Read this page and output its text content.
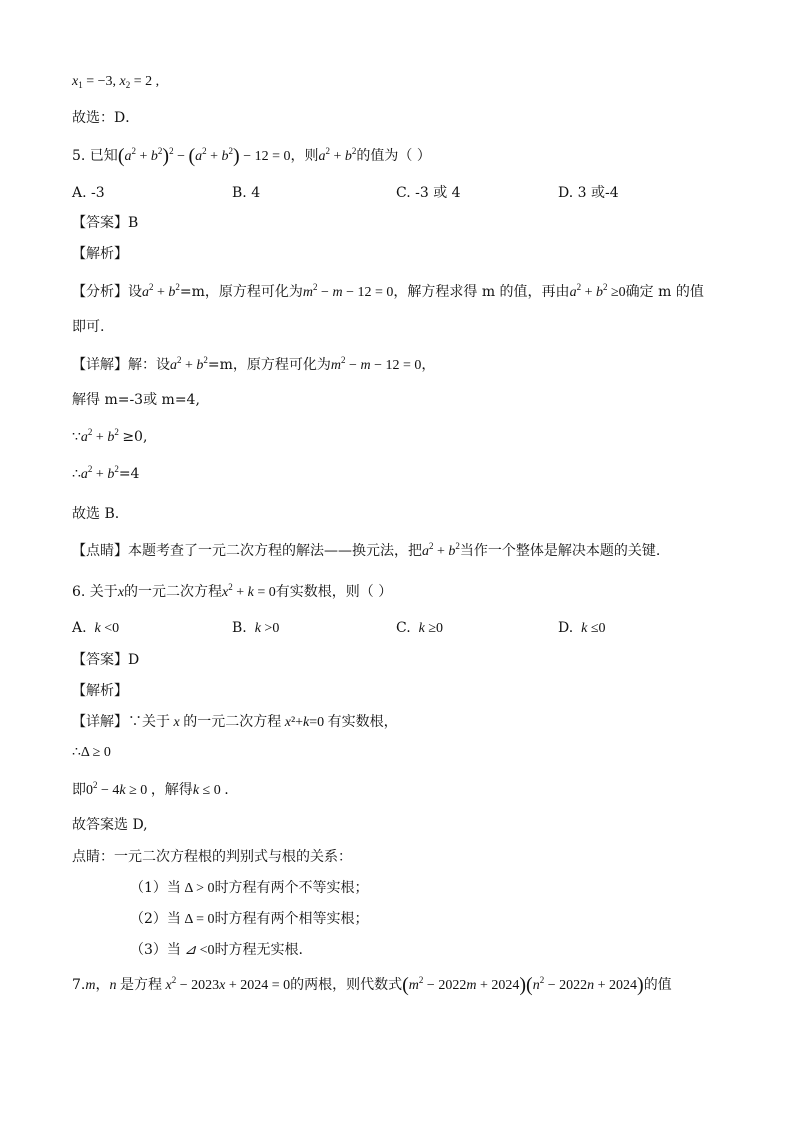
$x_1 = -3$, $x_2 = 2$ ,
故选：D．
5. 已知$(a^2 + b^2)^2 - (a^2 + b^2) - 12 = 0$，则$a^2 + b^2$的值为（ ）
A. -3	B. 4	C. -3 或 4	D. 3 或-4
【答案】B
【解析】
【分析】设$a^2 + b^2=m$，原方程可化为$m^2 - m - 12 = 0$，解方程求得 m 的值，再由$a^2 + b^2 \ge 0$确定 m 的值
即可.
【详解】解：设$a^2 + b^2=m$，原方程可化为$m^2 - m - 12 = 0$，
解得 m=-3或 m=4,
$\because a^2 + b^2 \ge 0$,
$\therefore a^2 + b^2=4$
故选 B.
【点睛】本题考查了一元二次方程的解法——换元法，把$a^2 + b^2$当作一个整体是解决本题的关键.
6. 关于x的一元二次方程$x^2 + k = 0$有实数根，则（ ）
A. k <0	B. k >0	C. k ≥0	D. k ≤0
【答案】D
【解析】
【详解】∵关于 x 的一元二次方程 x²+k=0 有实数根，
∴Δ ≥ 0
即$0^2 - 4k \ge 0$ ，解得k ≤ 0 .
故答案选 D,
点睛：一元二次方程根的判别式与根的关系：
（1）当 Δ > 0时方程有两个不等实根；
（2）当 Δ = 0时方程有两个相等实根；
（3）当 ⊿ <0时方程无实根.
7.m，n 是方程 $x^2 - 2023x + 2024 = 0$的两根，则代数式$(m^2 - 2022m + 2024)(n^2 - 2022n + 2024)$的值
